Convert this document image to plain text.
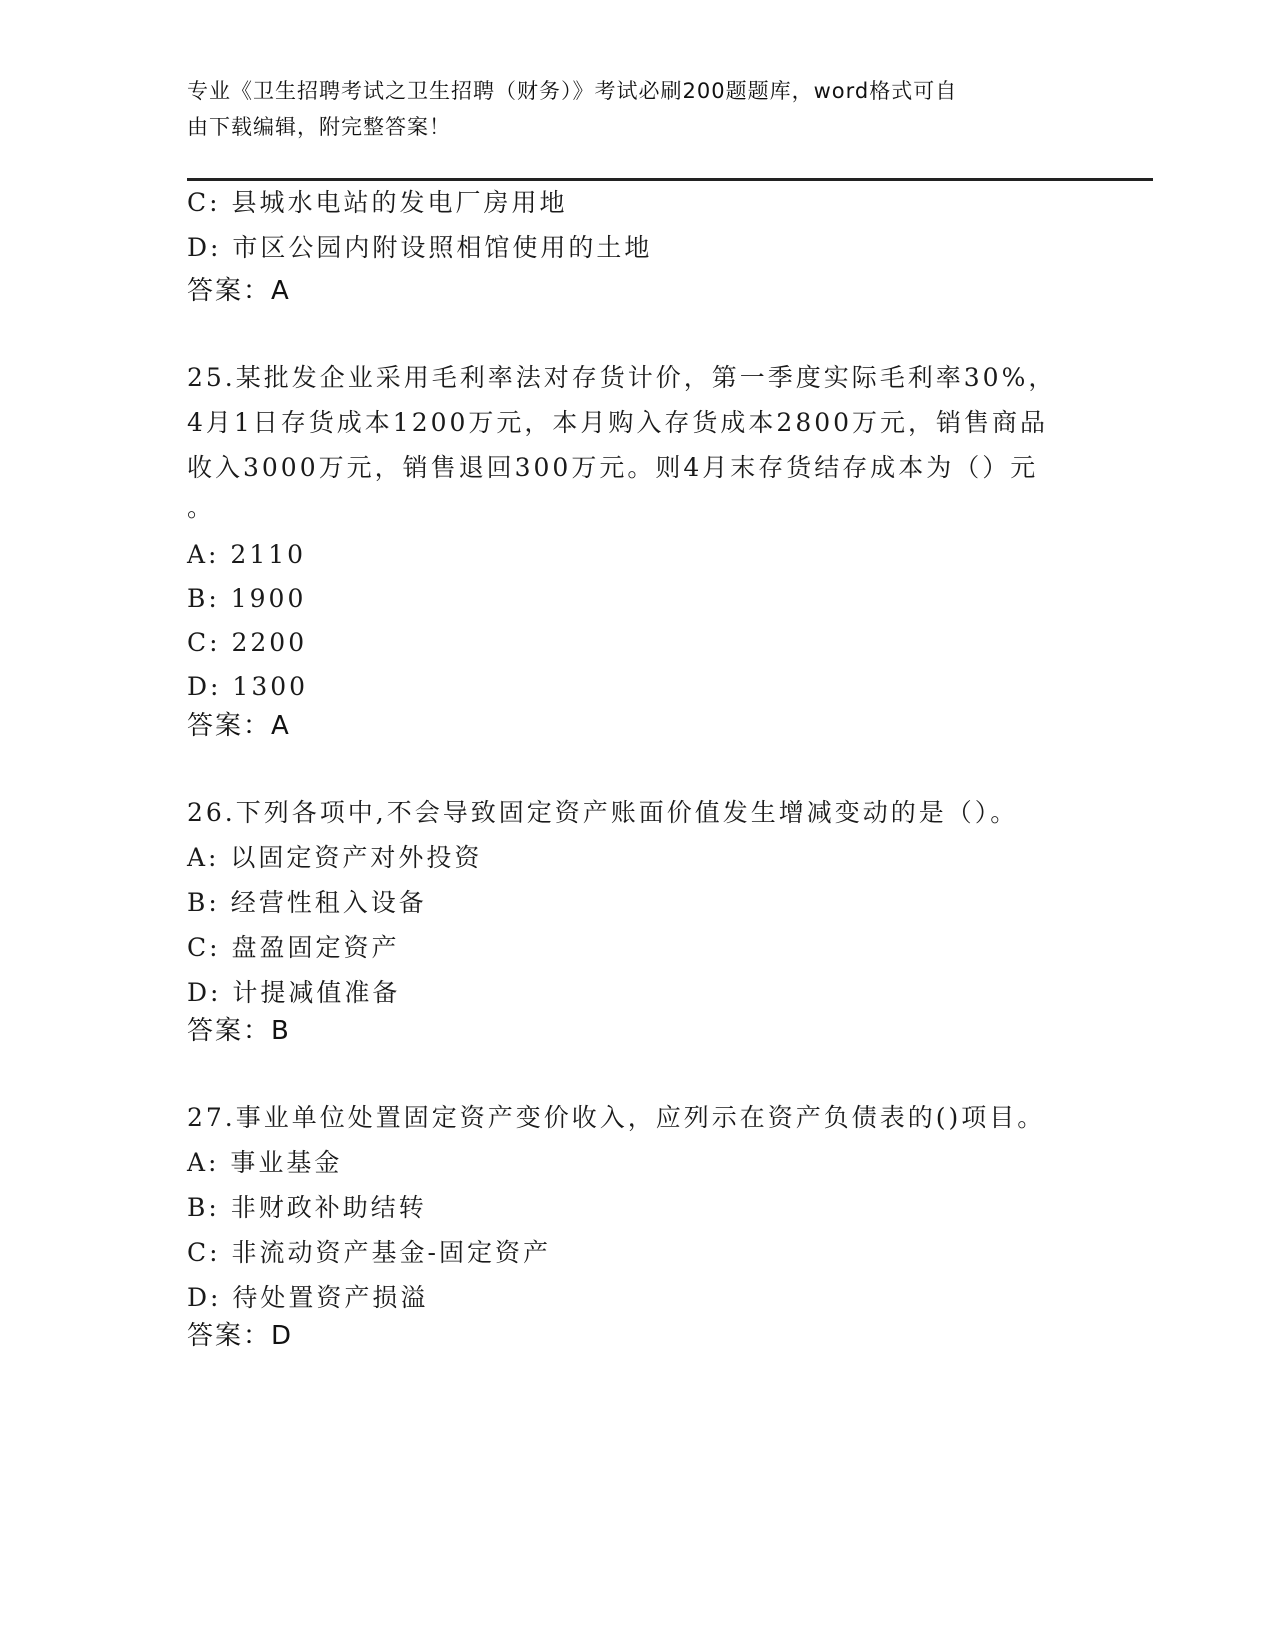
专业《卫生招聘考试之卫生招聘（财务）》考试必刷200题题库，word格式可自
由下载编辑，附完整答案！
C: 县城水电站的发电厂房用地
D: 市区公园内附设照相馆使用的土地
答案：A
25.某批发企业采用毛利率法对存货计价，第一季度实际毛利率30%，
4月1日存货成本1200万元，本月购入存货成本2800万元，销售商品
收入3000万元，销售退回300万元。则4月末存货结存成本为（）元
。
A: 2110
B: 1900
C: 2200
D: 1300
答案：A
26.下列各项中,不会导致固定资产账面价值发生增减变动的是（）。
A: 以固定资产对外投资
B: 经营性租入设备
C: 盘盈固定资产
D: 计提减值准备
答案：B
27.事业单位处置固定资产变价收入，应列示在资产负债表的()项目。
A: 事业基金
B: 非财政补助结转
C: 非流动资产基金-固定资产
D: 待处置资产损溢
答案：D
